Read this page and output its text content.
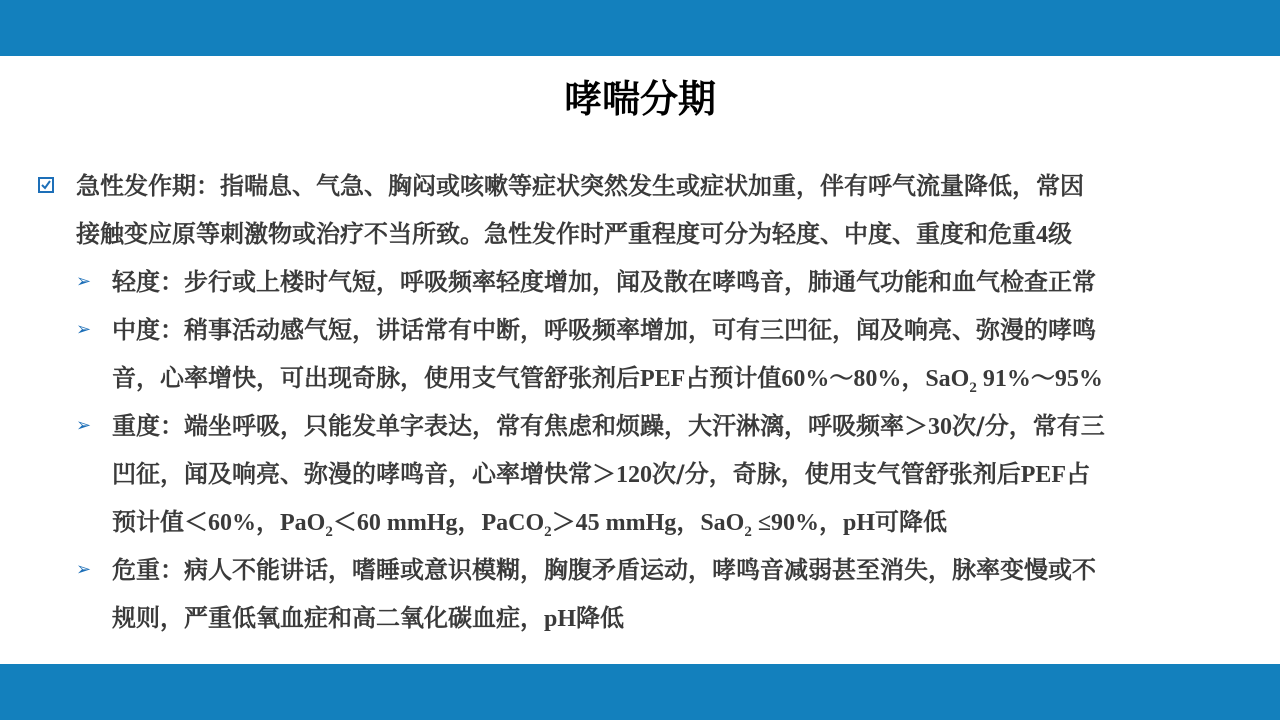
哮喘分期
急性发作期：指喘息、气急、胸闷或咳嗽等症状突然发生或症状加重，伴有呼气流量降低，常因
接触变应原等刺激物或治疗不当所致。急性发作时严重程度可分为轻度、中度、重度和危重4级
➢ 轻度：步行或上楼时气短，呼吸频率轻度增加，闻及散在哮鸣音，肺通气功能和血气检查正常
➢ 中度：稍事活动感气短，讲话常有中断，呼吸频率增加，可有三凹征，闻及响亮、弥漫的哮鸣
音，心率增快，可出现奇脉，使用支气管舒张剂后PEF占预计值60%～80%，SaO$_2$ 91%～95%
➢ 重度：端坐呼吸，只能发单字表达，常有焦虑和烦躁，大汗淋漓，呼吸频率＞30次/分，常有三
凹征，闻及响亮、弥漫的哮鸣音，心率增快常＞120次/分，奇脉，使用支气管舒张剂后PEF占
预计值＜60%，PaO$_2$＜60 mmHg，PaCO$_2$＞45 mmHg，SaO$_2$ ≤90%，pH可降低
➢ 危重：病人不能讲话，嗜睡或意识模糊，胸腹矛盾运动，哮鸣音减弱甚至消失，脉率变慢或不
规则，严重低氧血症和高二氧化碳血症，pH降低
